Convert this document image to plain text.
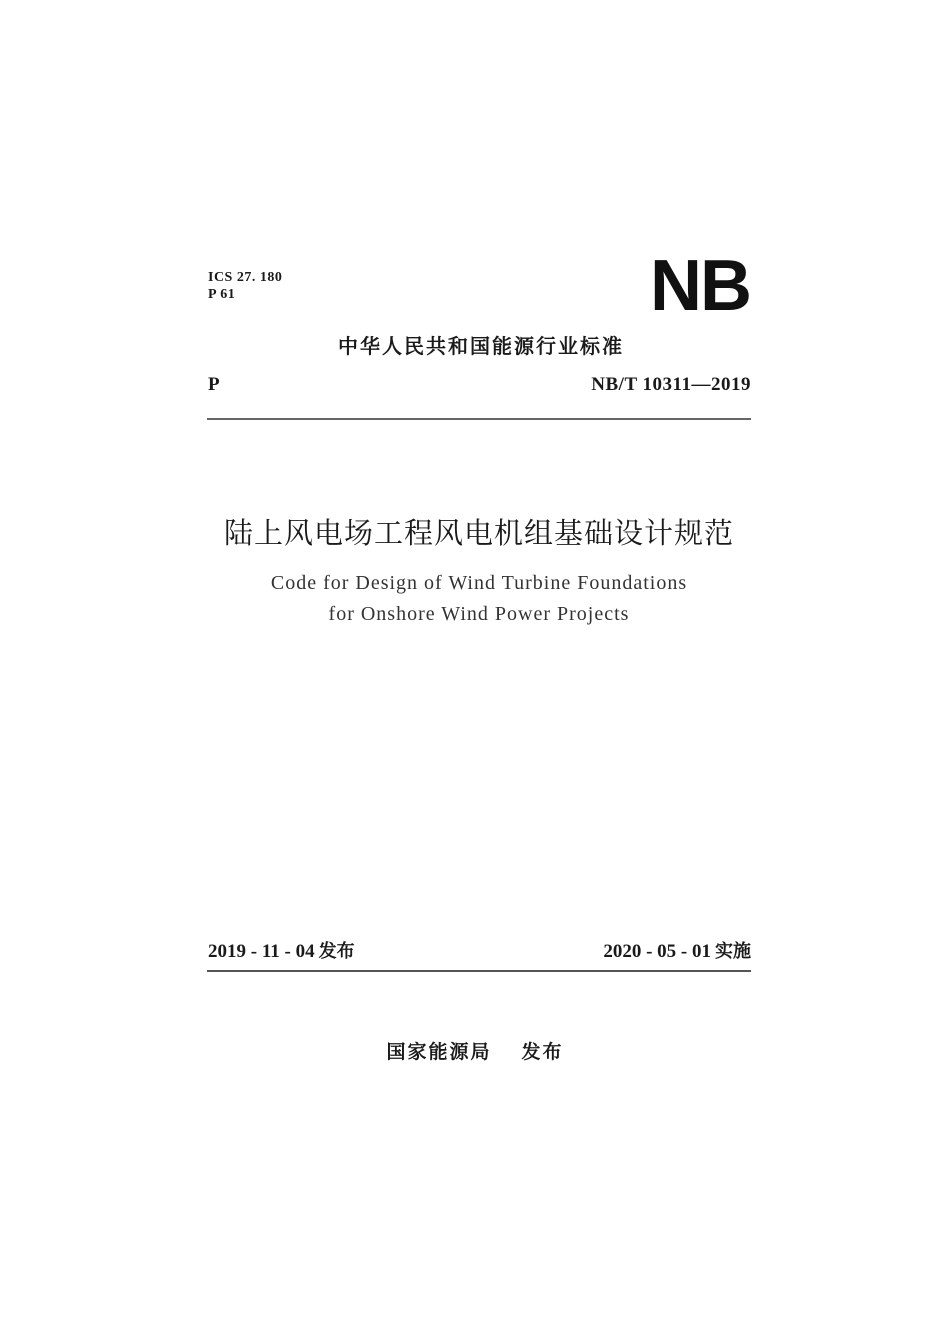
ICS 27. 180
P 61	NB
中华人民共和国能源行业标准
P	NB/T 10311—2019
陆上风电场工程风电机组基础设计规范
Code for Design of Wind Turbine Foundations
for Onshore Wind Power Projects
2019 - 11 - 04 发布	2020 - 05 - 01 实施
国家能源局 发布
